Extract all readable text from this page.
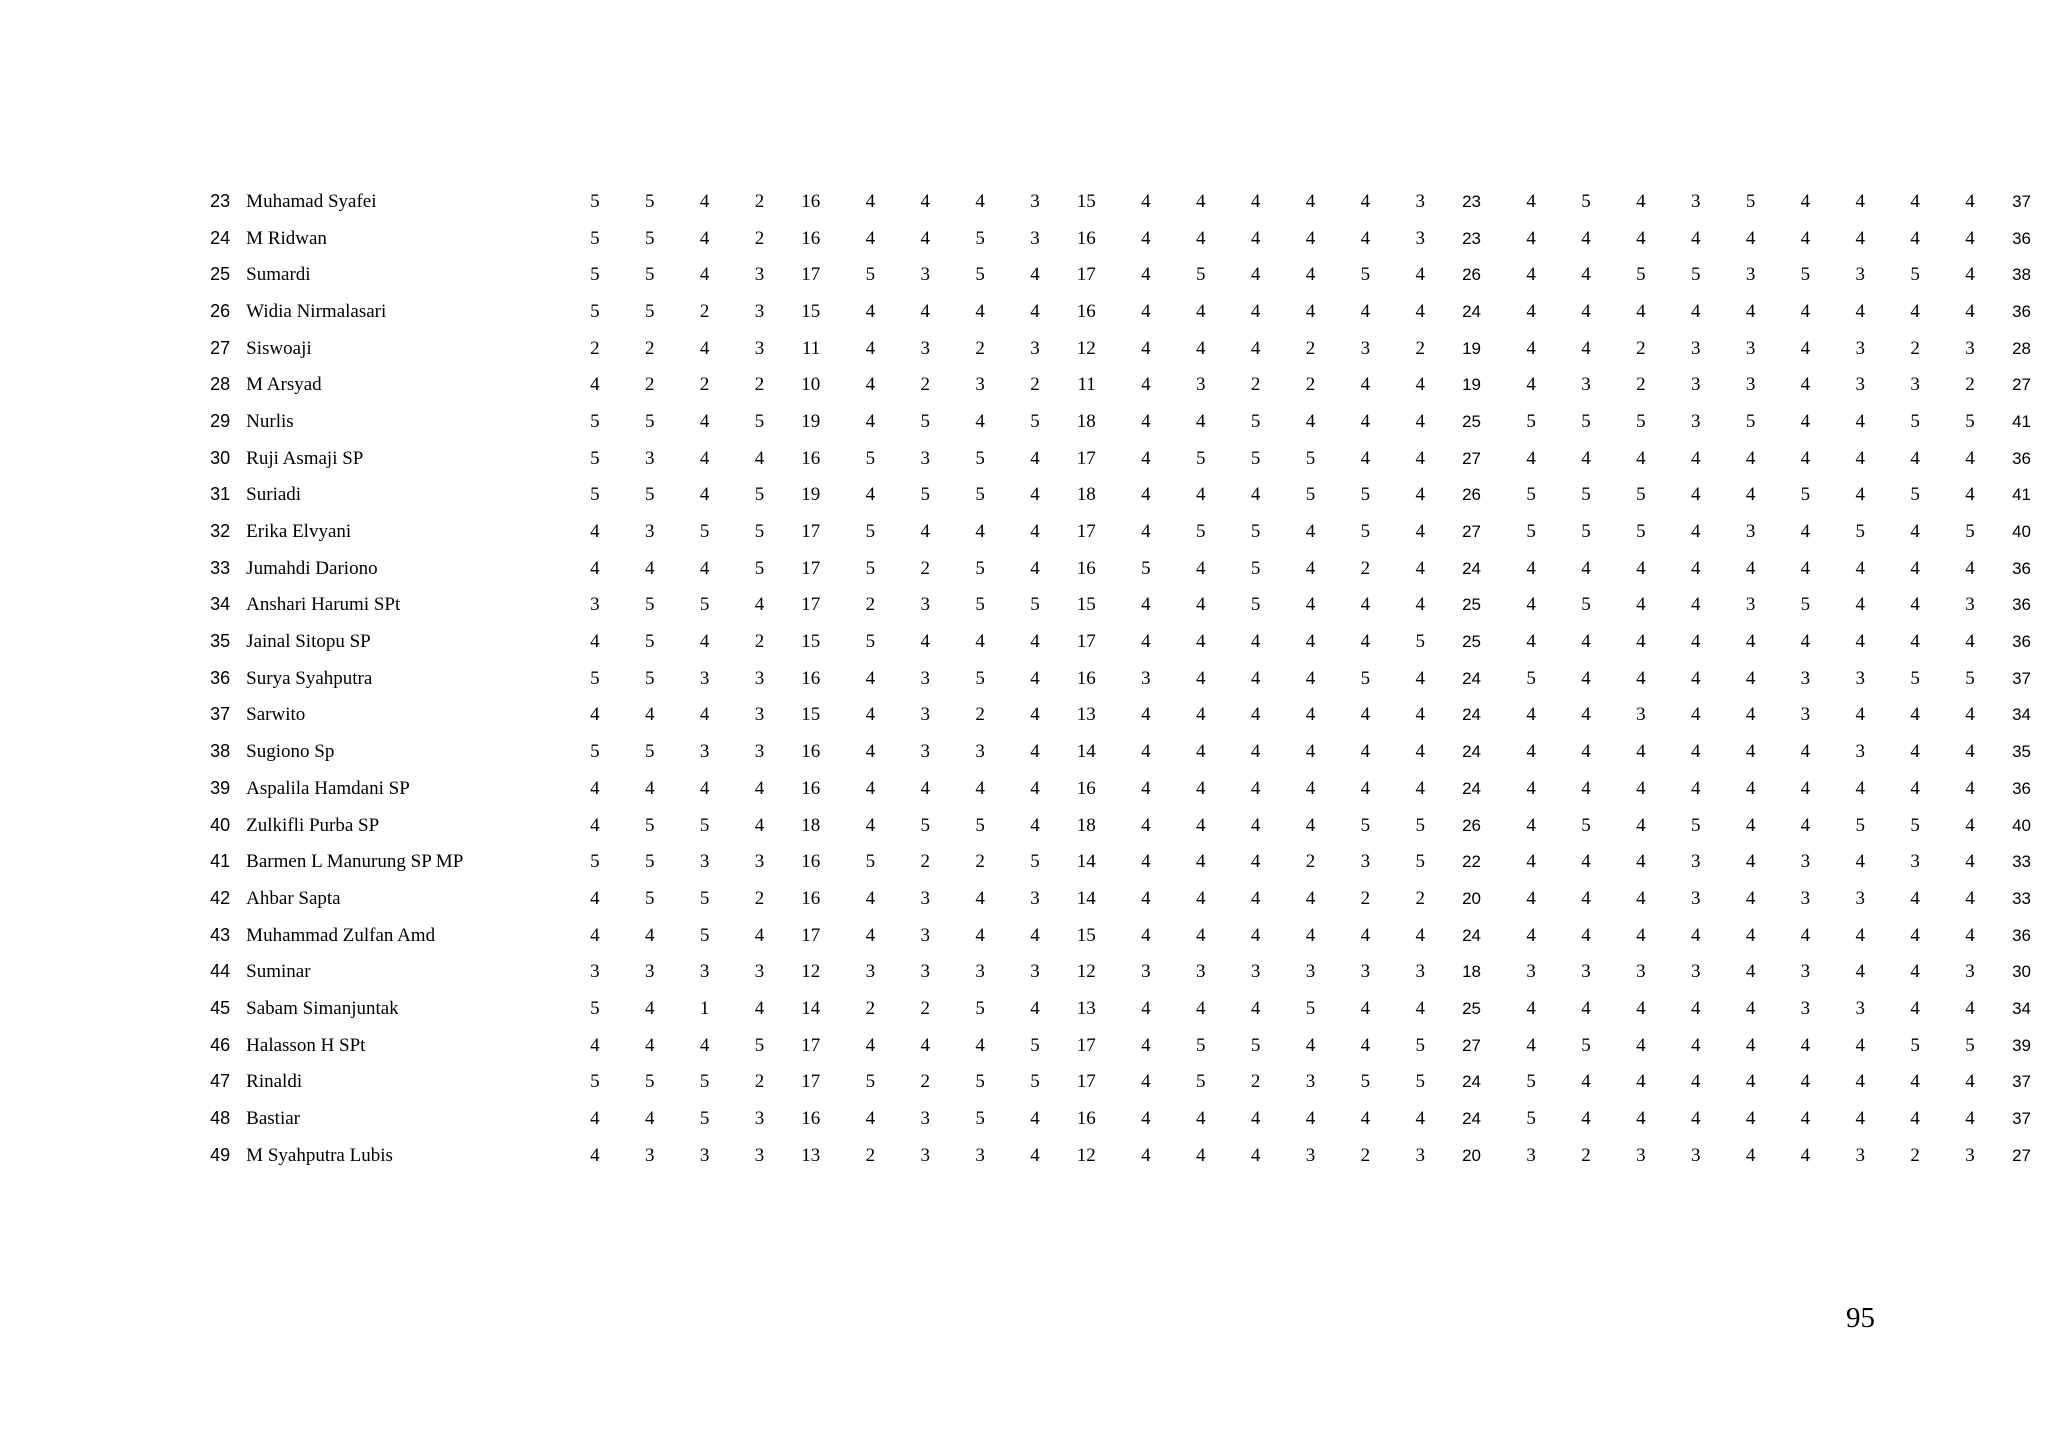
23	Muhamad Syafei	5	5	4	2	16	4	4	4	3	15	4	4	4	4	4	3	23	4	5	4	3	5	4	4	4	4	37
24	M Ridwan	5	5	4	2	16	4	4	5	3	16	4	4	4	4	4	3	23	4	4	4	4	4	4	4	4	4	36
25	Sumardi	5	5	4	3	17	5	3	5	4	17	4	5	4	4	5	4	26	4	4	5	5	3	5	3	5	4	38
26	Widia Nirmalasari	5	5	2	3	15	4	4	4	4	16	4	4	4	4	4	4	24	4	4	4	4	4	4	4	4	4	36
27	Siswoaji	2	2	4	3	11	4	3	2	3	12	4	4	4	2	3	2	19	4	4	2	3	3	4	3	2	3	28
28	M Arsyad	4	2	2	2	10	4	2	3	2	11	4	3	2	2	4	4	19	4	3	2	3	3	4	3	3	2	27
29	Nurlis	5	5	4	5	19	4	5	4	5	18	4	4	5	4	4	4	25	5	5	5	3	5	4	4	5	5	41
30	Ruji Asmaji SP	5	3	4	4	16	5	3	5	4	17	4	5	5	5	4	4	27	4	4	4	4	4	4	4	4	4	36
31	Suriadi	5	5	4	5	19	4	5	5	4	18	4	4	4	5	5	4	26	5	5	5	4	4	5	4	5	4	41
32	Erika Elvyani	4	3	5	5	17	5	4	4	4	17	4	5	5	4	5	4	27	5	5	5	4	3	4	5	4	5	40
33	Jumahdi Dariono	4	4	4	5	17	5	2	5	4	16	5	4	5	4	2	4	24	4	4	4	4	4	4	4	4	4	36
34	Anshari Harumi SPt	3	5	5	4	17	2	3	5	5	15	4	4	5	4	4	4	25	4	5	4	4	3	5	4	4	3	36
35	Jainal Sitopu SP	4	5	4	2	15	5	4	4	4	17	4	4	4	4	4	5	25	4	4	4	4	4	4	4	4	4	36
36	Surya Syahputra	5	5	3	3	16	4	3	5	4	16	3	4	4	4	5	4	24	5	4	4	4	4	3	3	5	5	37
37	Sarwito	4	4	4	3	15	4	3	2	4	13	4	4	4	4	4	4	24	4	4	3	4	4	3	4	4	4	34
38	Sugiono Sp	5	5	3	3	16	4	3	3	4	14	4	4	4	4	4	4	24	4	4	4	4	4	4	3	4	4	35
39	Aspalila Hamdani SP	4	4	4	4	16	4	4	4	4	16	4	4	4	4	4	4	24	4	4	4	4	4	4	4	4	4	36
40	Zulkifli Purba SP	4	5	5	4	18	4	5	5	4	18	4	4	4	4	5	5	26	4	5	4	5	4	4	5	5	4	40
41	Barmen L Manurung SP MP	5	5	3	3	16	5	2	2	5	14	4	4	4	2	3	5	22	4	4	4	3	4	3	4	3	4	33
42	Ahbar Sapta	4	5	5	2	16	4	3	4	3	14	4	4	4	4	2	2	20	4	4	4	3	4	3	3	4	4	33
43	Muhammad Zulfan Amd	4	4	5	4	17	4	3	4	4	15	4	4	4	4	4	4	24	4	4	4	4	4	4	4	4	4	36
44	Suminar	3	3	3	3	12	3	3	3	3	12	3	3	3	3	3	3	18	3	3	3	3	4	3	4	4	3	30
45	Sabam Simanjuntak	5	4	1	4	14	2	2	5	4	13	4	4	4	5	4	4	25	4	4	4	4	4	3	3	4	4	34
46	Halasson H SPt	4	4	4	5	17	4	4	4	5	17	4	5	5	4	4	5	27	4	5	4	4	4	4	4	5	5	39
47	Rinaldi	5	5	5	2	17	5	2	5	5	17	4	5	2	3	5	5	24	5	4	4	4	4	4	4	4	4	37
48	Bastiar	4	4	5	3	16	4	3	5	4	16	4	4	4	4	4	4	24	5	4	4	4	4	4	4	4	4	37
49	M Syahputra Lubis	4	3	3	3	13	2	3	3	4	12	4	4	4	3	2	3	20	3	2	3	3	4	4	3	2	3	27
95
